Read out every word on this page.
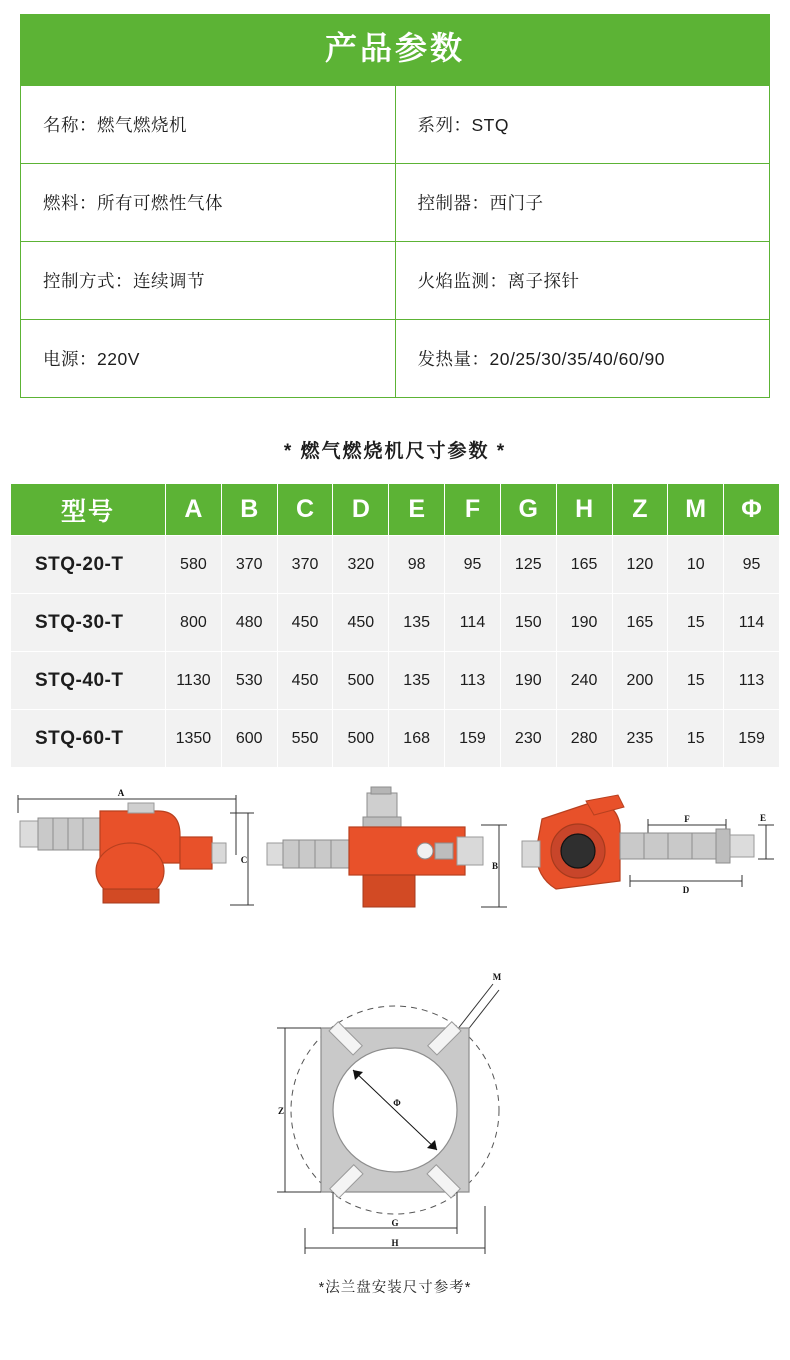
产品参数
名称：燃气燃烧机	系列：STQ
燃料：所有可燃性气体	控制器：西门子
控制方式：连续调节	火焰监测：离子探针
电源：220V	发热量：20/25/30/35/40/60/90
* 燃气燃烧机尺寸参数 *
型号	A	B	C	D	E	F	G	H	Z	M	Φ
STQ-20-T	580	370	370	320	98	95	125	165	120	10	95
STQ-30-T	800	480	450	450	135	114	150	190	165	15	114
STQ-40-T	1130	530	450	500	135	113	190	240	200	15	113
STQ-60-T	1350	600	550	500	168	159	230	280	235	15	159
A
C
B
F	E
D
M
Φ
Z
G
H
*法兰盘安装尺寸参考*
